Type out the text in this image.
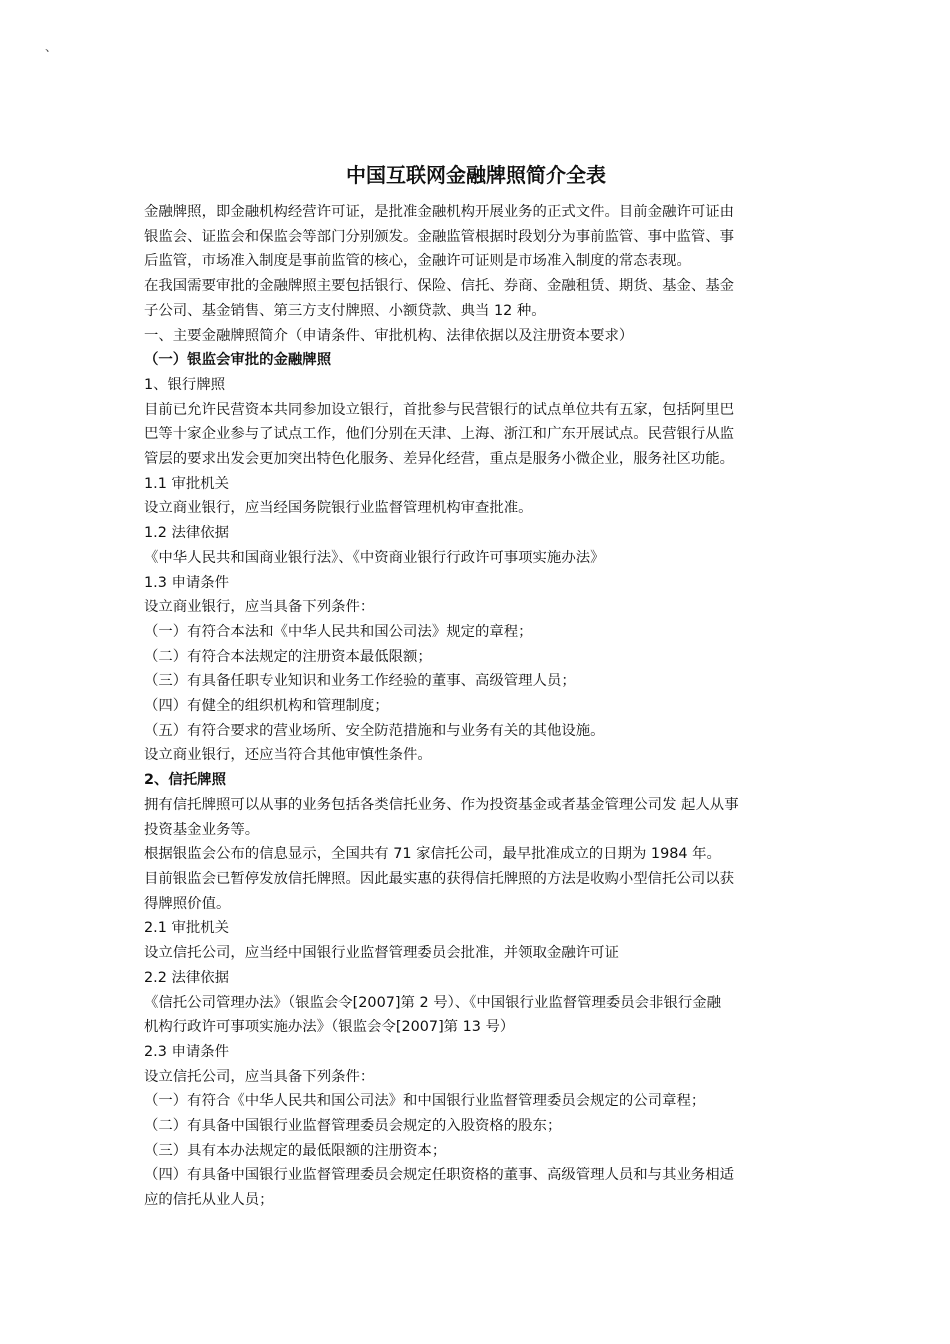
、
中国互联网金融牌照简介全表

金融牌照，即金融机构经营许可证，是批准金融机构开展业务的正式文件。目前金融许可证由

银监会、证监会和保监会等部门分别颁发。金融监管根据时段划分为事前监管、事中监管、事

后监管，市场准入制度是事前监管的核心，金融许可证则是市场准入制度的常态表现。

在我国需要审批的金融牌照主要包括银行、保险、信托、券商、金融租赁、期货、基金、基金

子公司、基金销售、第三方支付牌照、小额贷款、典当 12 种。

一、主要金融牌照简介（申请条件、审批机构、法律依据以及注册资本要求）

（一）银监会审批的金融牌照

1、银行牌照

目前已允许民营资本共同参加设立银行，首批参与民营银行的试点单位共有五家，包括阿里巴

巴等十家企业参与了试点工作，他们分别在天津、上海、浙江和广东开展试点。民营银行从监

管层的要求出发会更加突出特色化服务、差异化经营，重点是服务小微企业，服务社区功能。

1.1 审批机关

设立商业银行，应当经国务院银行业监督管理机构审查批准。

1.2 法律依据

《中华人民共和国商业银行法》、《中资商业银行行政许可事项实施办法》

1.3 申请条件

设立商业银行，应当具备下列条件：

（一）有符合本法和《中华人民共和国公司法》规定的章程；

（二）有符合本法规定的注册资本最低限额；

（三）有具备任职专业知识和业务工作经验的董事、高级管理人员；

（四）有健全的组织机构和管理制度；

（五）有符合要求的营业场所、安全防范措施和与业务有关的其他设施。

设立商业银行，还应当符合其他审慎性条件。

2、信托牌照

拥有信托牌照可以从事的业务包括各类信托业务、作为投资基金或者基金管理公司发 起人从事

投资基金业务等。

根据银监会公布的信息显示，全国共有 71 家信托公司，最早批准成立的日期为 1984 年。

目前银监会已暂停发放信托牌照。因此最实惠的获得信托牌照的方法是收购小型信托公司以获

得牌照价值。

2.1 审批机关

设立信托公司，应当经中国银行业监督管理委员会批准，并领取金融许可证

2.2 法律依据

《信托公司管理办法》（银监会令[2007]第 2 号）、《中国银行业监督管理委员会非银行金融

机构行政许可事项实施办法》（银监会令[2007]第 13 号）

2.3 申请条件

设立信托公司，应当具备下列条件：

（一）有符合《中华人民共和国公司法》和中国银行业监督管理委员会规定的公司章程；

（二）有具备中国银行业监督管理委员会规定的入股资格的股东；

（三）具有本办法规定的最低限额的注册资本；

（四）有具备中国银行业监督管理委员会规定任职资格的董事、高级管理人员和与其业务相适

应的信托从业人员；
